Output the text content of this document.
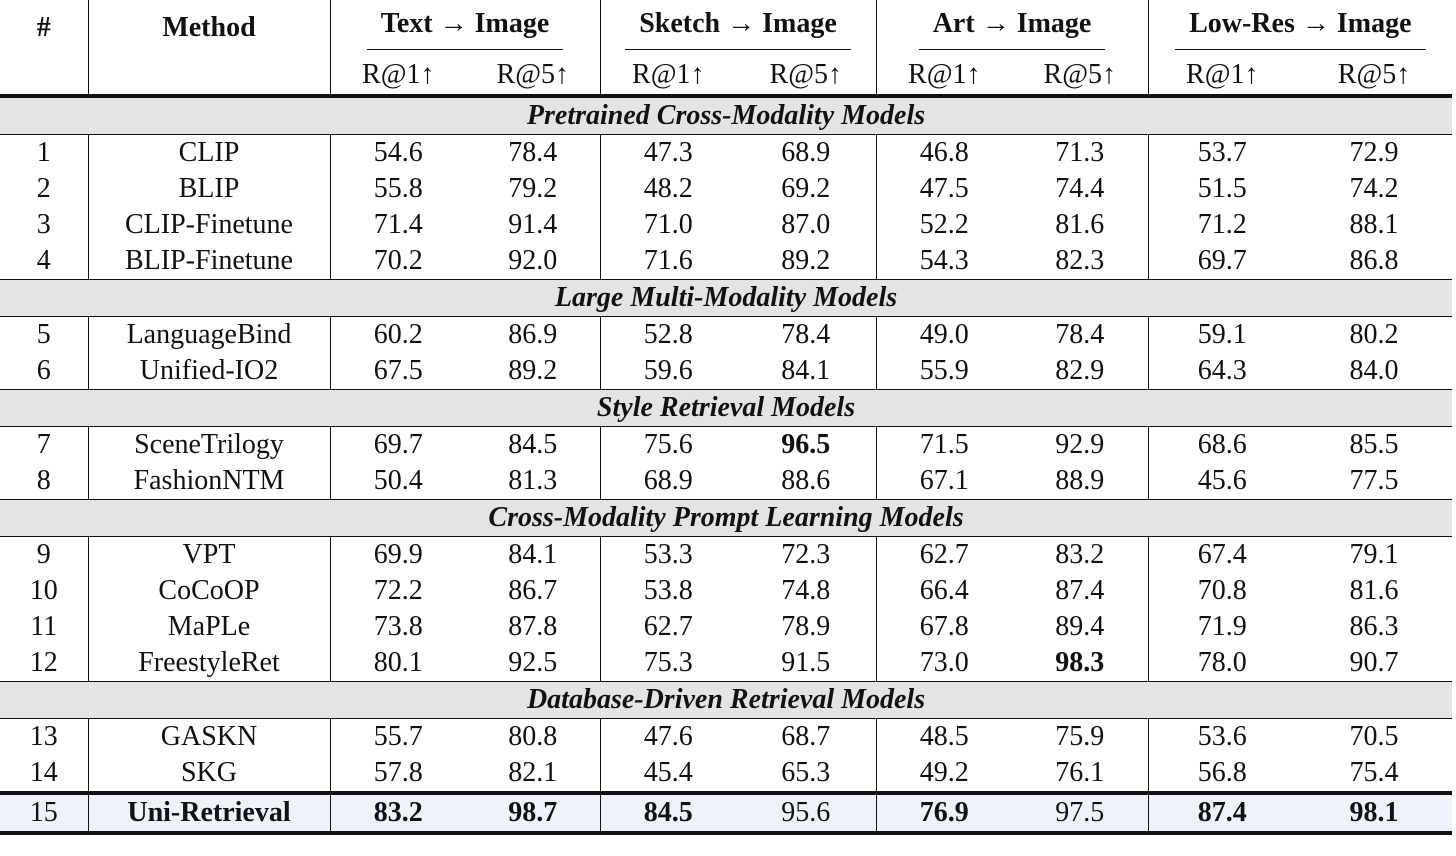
#	Method	Text → Image		Sketch → Image		Art → Image		Low-Res → Image	
		R@1↑	R@5↑	R@1↑	R@5↑	R@1↑	R@5↑	R@1↑	R@5↑
Pretrained Cross-Modality Models									
1	CLIP	54.6	78.4	47.3	68.9	46.8	71.3	53.7	72.9
2	BLIP	55.8	79.2	48.2	69.2	47.5	74.4	51.5	74.2
3	CLIP-Finetune	71.4	91.4	71.0	87.0	52.2	81.6	71.2	88.1
4	BLIP-Finetune	70.2	92.0	71.6	89.2	54.3	82.3	69.7	86.8
Large Multi-Modality Models									
5	LanguageBind	60.2	86.9	52.8	78.4	49.0	78.4	59.1	80.2
6	Unified-IO2	67.5	89.2	59.6	84.1	55.9	82.9	64.3	84.0
Style Retrieval Models									
7	SceneTrilogy	69.7	84.5	75.6	96.5	71.5	92.9	68.6	85.5
8	FashionNTM	50.4	81.3	68.9	88.6	67.1	88.9	45.6	77.5
Cross-Modality Prompt Learning Models									
9	VPT	69.9	84.1	53.3	72.3	62.7	83.2	67.4	79.1
10	CoCoOP	72.2	86.7	53.8	74.8	66.4	87.4	70.8	81.6
11	MaPLe	73.8	87.8	62.7	78.9	67.8	89.4	71.9	86.3
12	FreestyleRet	80.1	92.5	75.3	91.5	73.0	98.3	78.0	90.7
Database-Driven Retrieval Models									
13	GASKN	55.7	80.8	47.6	68.7	48.5	75.9	53.6	70.5
14	SKG	57.8	82.1	45.4	65.3	49.2	76.1	56.8	75.4
15	Uni-Retrieval	83.2	98.7	84.5	95.6	76.9	97.5	87.4	98.1
